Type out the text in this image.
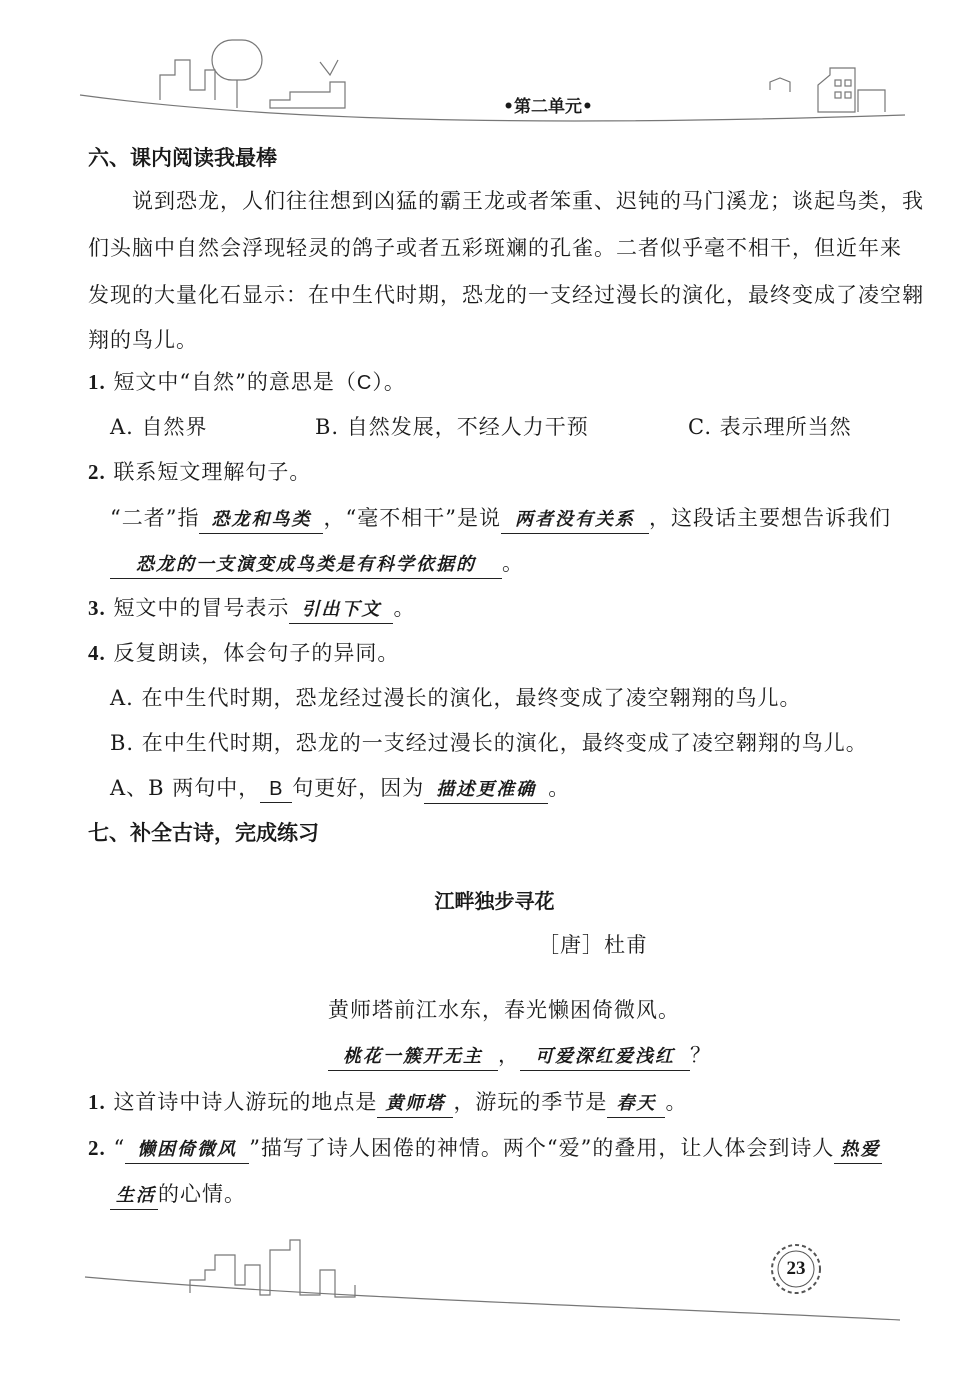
•第二单元•
六、课内阅读我最棒
说到恐龙，人们往往想到凶猛的霸王龙或者笨重、迟钝的马门溪龙；谈起鸟类，我
们头脑中自然会浮现轻灵的鸽子或者五彩斑斓的孔雀。二者似乎毫不相干，但近年来
发现的大量化石显示：在中生代时期，恐龙的一支经过漫长的演化，最终变成了凌空翱
翔的鸟儿。
1. 短文中“自然”的意思是（C）。
A. 自然界	B. 自然发展，不经人力干预	C. 表示理所当然
2. 联系短文理解句子。
“二者”指 恐龙和鸟类 ，“毫不相干”是说 两者没有关系 ，这段话主要想告诉我们
恐龙的一支演变成鸟类是有科学依据的 。
3. 短文中的冒号表示 引出下文 。
4. 反复朗读，体会句子的异同。
A. 在中生代时期，恐龙经过漫长的演化，最终变成了凌空翱翔的鸟儿。
B. 在中生代时期，恐龙的一支经过漫长的演化，最终变成了凌空翱翔的鸟儿。
A、B 两句中， B 句更好，因为 描述更准确 。
七、补全古诗，完成练习
江畔独步寻花
［唐］杜甫
黄师塔前江水东，春光懒困倚微风。
桃花一簇开无主 ， 可爱深红爱浅红 ？
1. 这首诗中诗人游玩的地点是 黄师塔 ，游玩的季节是 春天 。
2. “ 懒困倚微风 ”描写了诗人困倦的神情。两个“爱”的叠用，让人体会到诗人 热爱
生活的心情。
23
